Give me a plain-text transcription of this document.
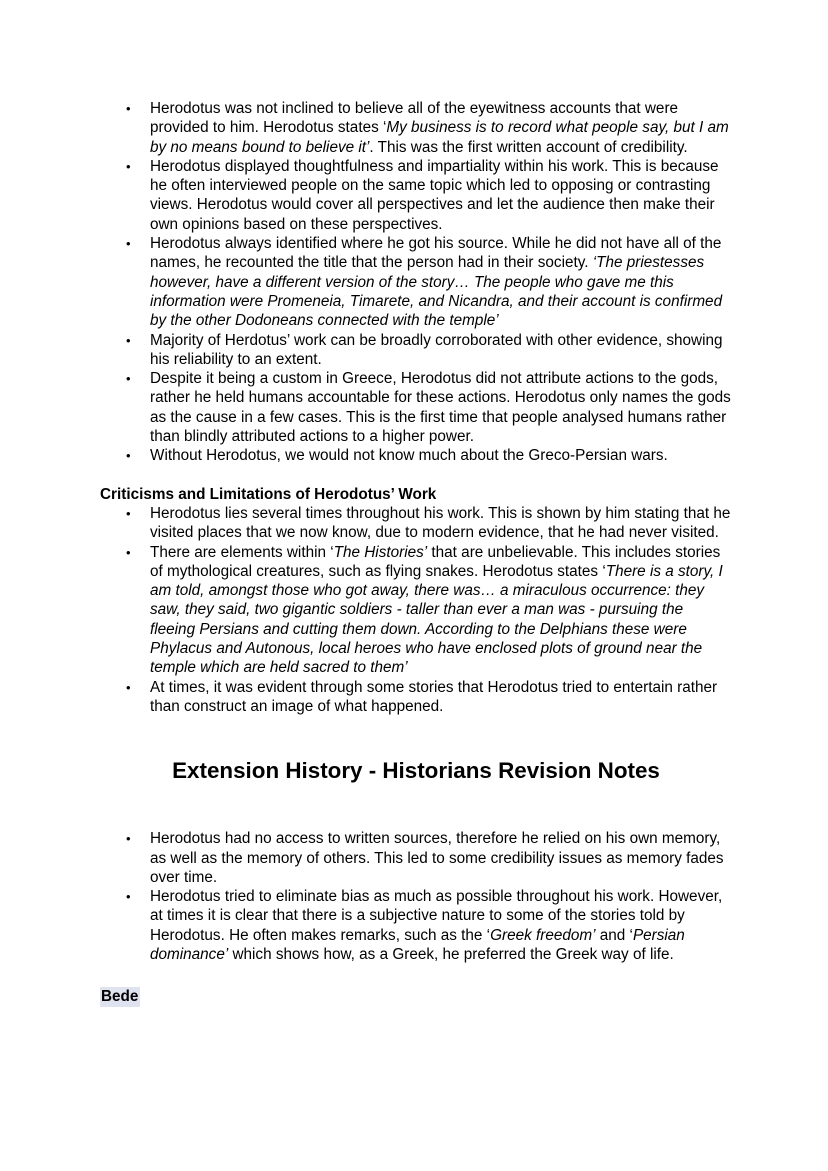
• Herodotus was not inclined to believe all of the eyewitness accounts that were provided to him. Herodotus states ‘My business is to record what people say, but I am by no means bound to believe it’. This was the first written account of credibility.
• Herodotus displayed thoughtfulness and impartiality within his work. This is because he often interviewed people on the same topic which led to opposing or contrasting views. Herodotus would cover all perspectives and let the audience then make their own opinions based on these perspectives.
• Herodotus always identified where he got his source. While he did not have all of the names, he recounted the title that the person had in their society. ‘The priestesses however, have a different version of the story… The people who gave me this information were Promeneia, Timarete, and Nicandra, and their account is confirmed by the other Dodoneans connected with the temple’
• Majority of Herdotus’ work can be broadly corroborated with other evidence, showing his reliability to an extent.
• Despite it being a custom in Greece, Herodotus did not attribute actions to the gods, rather he held humans accountable for these actions. Herodotus only names the gods as the cause in a few cases. This is the first time that people analysed humans rather than blindly attributed actions to a higher power.
• Without Herodotus, we would not know much about the Greco-Persian wars.
Criticisms and Limitations of Herodotus’ Work
• Herodotus lies several times throughout his work. This is shown by him stating that he visited places that we now know, due to modern evidence, that he had never visited.
• There are elements within ‘The Histories’ that are unbelievable. This includes stories of mythological creatures, such as flying snakes. Herodotus states ‘There is a story, I am told, amongst those who got away, there was… a miraculous occurrence: they saw, they said, two gigantic soldiers - taller than ever a man was - pursuing the fleeing Persians and cutting them down. According to the Delphians these were Phylacus and Autonous, local heroes who have enclosed plots of ground near the temple which are held sacred to them’
• At times, it was evident through some stories that Herodotus tried to entertain rather than construct an image of what happened.
Extension History - Historians Revision Notes
• Herodotus had no access to written sources, therefore he relied on his own memory, as well as the memory of others. This led to some credibility issues as memory fades over time.
• Herodotus tried to eliminate bias as much as possible throughout his work. However, at times it is clear that there is a subjective nature to some of the stories told by Herodotus. He often makes remarks, such as the ‘Greek freedom’ and ‘Persian dominance’ which shows how, as a Greek, he preferred the Greek way of life.
Bede
